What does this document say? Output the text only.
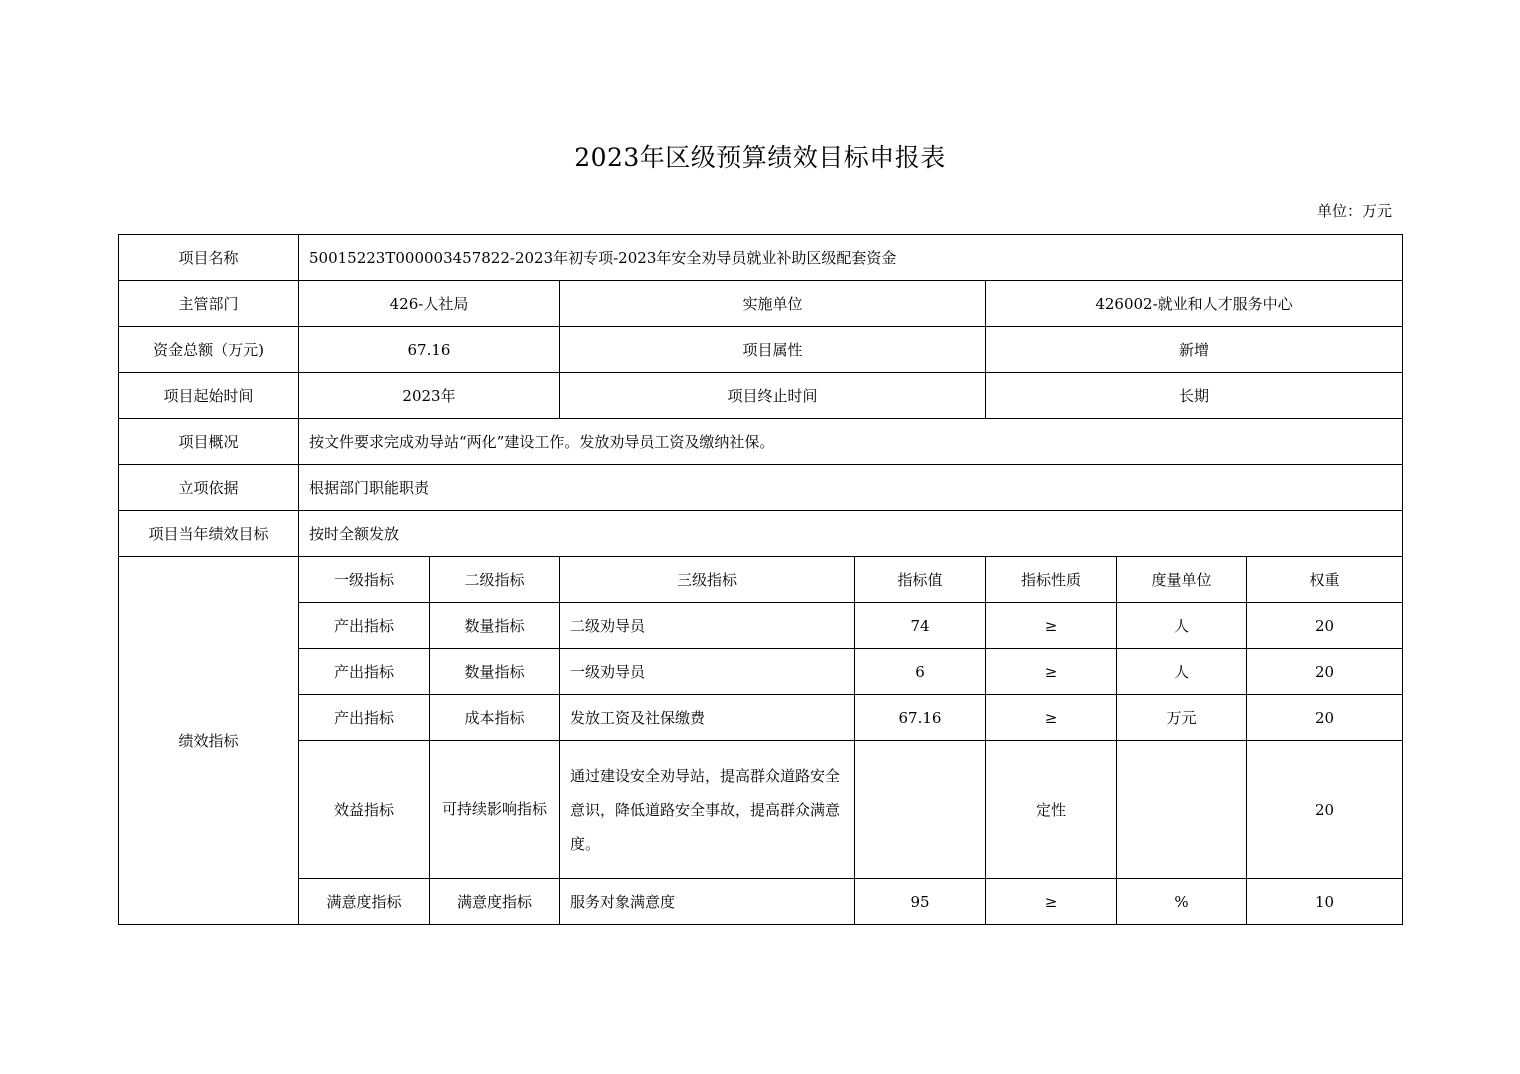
2023年区级预算绩效目标申报表
单位：万元
项目名称	50015223T000003457822-2023年初专项-2023年安全劝导员就业补助区级配套资金						
主管部门	426-人社局		实施单位		426002-就业和人才服务中心		
资金总额（万元)	67.16		项目属性		新增		
项目起始时间	2023年		项目终止时间		长期		
项目概况	按文件要求完成劝导站“两化”建设工作。发放劝导员工资及缴纳社保。						
立项依据	根据部门职能职责						
项目当年绩效目标	按时全额发放						
绩效指标	一级指标	二级指标	三级指标	指标值	指标性质	度量单位	权重
	产出指标	数量指标	二级劝导员	74	≥	人	20
	产出指标	数量指标	一级劝导员	6	≥	人	20
	产出指标	成本指标	发放工资及社保缴费	67.16	≥	万元	20
	效益指标	可持续影响指标	通过建设安全劝导站，提高群众道路安全意识，降低道路安全事故，提高群众满意度。		定性		20
	满意度指标	满意度指标	服务对象满意度	95	≥	%	10
